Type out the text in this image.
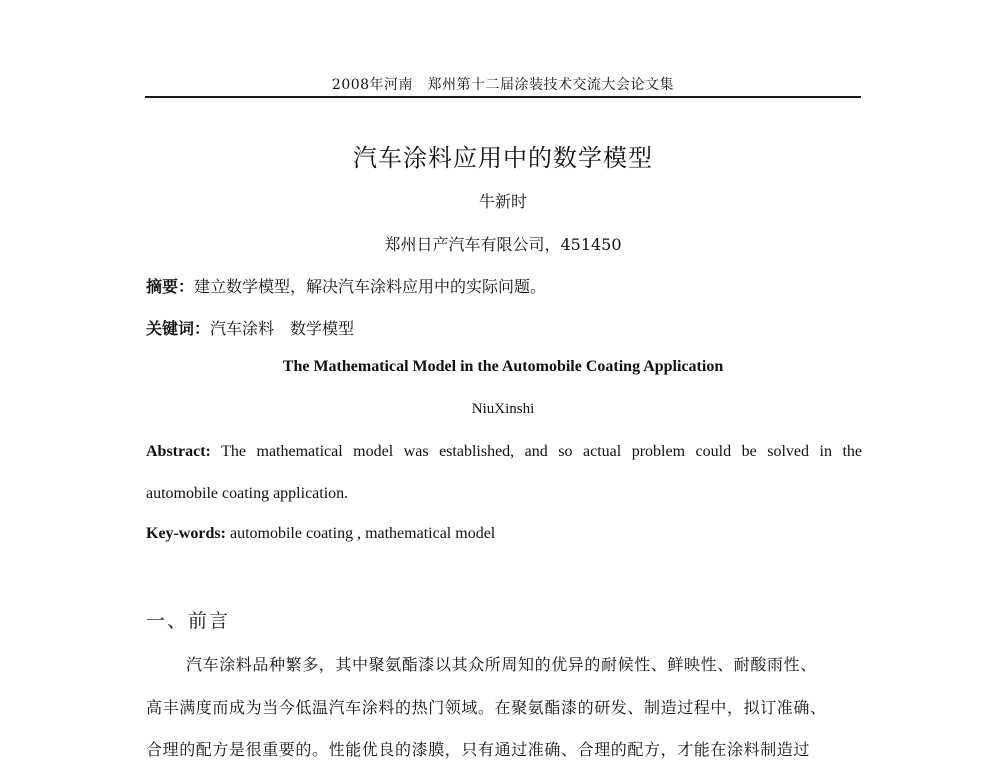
2008年河南　郑州第十二届涂装技术交流大会论文集
汽车涂料应用中的数学模型
牛新时
郑州日产汽车有限公司，451450
摘要：建立数学模型，解决汽车涂料应用中的实际问题。
关键词：汽车涂料　数学模型
The Mathematical Model in the Automobile Coating Application
NiuXinshi
Abstract: The mathematical model was established, and so actual problem could be solved in the
automobile coating application.
Key-words: automobile coating , mathematical model
一、前言
汽车涂料品种繁多，其中聚氨酯漆以其众所周知的优异的耐候性、鲜映性、耐酸雨性、
高丰满度而成为当今低温汽车涂料的热门领域。在聚氨酯漆的研发、制造过程中，拟订准确、
合理的配方是很重要的。性能优良的漆膜，只有通过准确、合理的配方，才能在涂料制造过
